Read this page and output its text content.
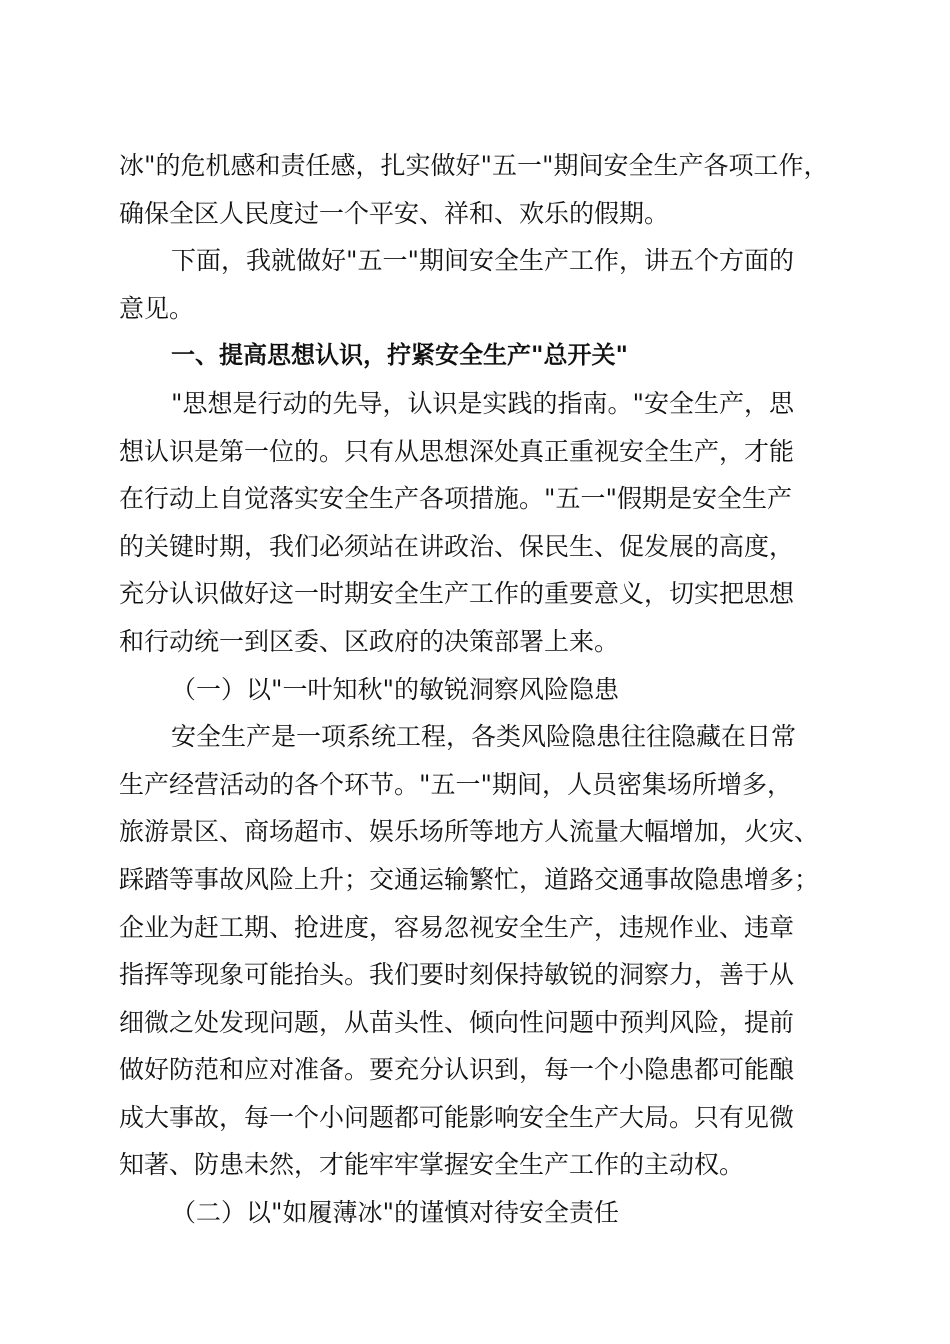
冰"的危机感和责任感，扎实做好"五一"期间安全生产各项工作，
确保全区人民度过一个平安、祥和、欢乐的假期。
下面，我就做好"五一"期间安全生产工作，讲五个方面的
意见。
一、提高思想认识，拧紧安全生产"总开关"
"思想是行动的先导，认识是实践的指南。"安全生产，思
想认识是第一位的。只有从思想深处真正重视安全生产，才能
在行动上自觉落实安全生产各项措施。"五一"假期是安全生产
的关键时期，我们必须站在讲政治、保民生、促发展的高度，
充分认识做好这一时期安全生产工作的重要意义，切实把思想
和行动统一到区委、区政府的决策部署上来。
（一）以"一叶知秋"的敏锐洞察风险隐患
安全生产是一项系统工程，各类风险隐患往往隐藏在日常
生产经营活动的各个环节。"五一"期间，人员密集场所增多，
旅游景区、商场超市、娱乐场所等地方人流量大幅增加，火灾、
踩踏等事故风险上升；交通运输繁忙，道路交通事故隐患增多；
企业为赶工期、抢进度，容易忽视安全生产，违规作业、违章
指挥等现象可能抬头。我们要时刻保持敏锐的洞察力，善于从
细微之处发现问题，从苗头性、倾向性问题中预判风险，提前
做好防范和应对准备。要充分认识到，每一个小隐患都可能酿
成大事故，每一个小问题都可能影响安全生产大局。只有见微
知著、防患未然，才能牢牢掌握安全生产工作的主动权。
（二）以"如履薄冰"的谨慎对待安全责任
